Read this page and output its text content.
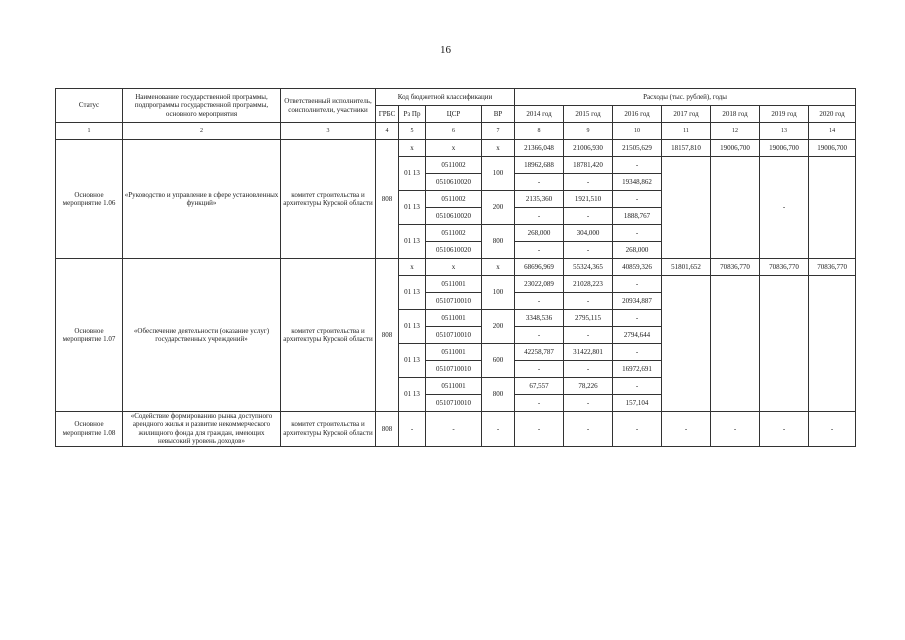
16
Статус	Наименование государственной программы, подпрограммы государственной программы, основного мероприятия	Ответственный исполнитель, соисполнители, участники	Код бюджетной классификации				Расходы (тыс. рублей), годы						
			ГРБС	Рз Пр	ЦСР	ВР	2014 год	2015 год	2016 год	2017 год	2018 год	2019 год	2020 год
1	2	3	4	5	6	7	8	9	10	11	12	13	14
Основное мероприятие 1.06	«Руководство и управление в сфере установленных функций»	комитет строительства и архитектуры Курской области	808	х	х	х	21366,048	21006,930	21505,629	18157,810	19006,700	19006,700	19006,700
				01 13	0511002	100	18962,688	18781,420	-			-	
					0510610020		-	-	19348,862				
				01 13	0511002	200	2135,360	1921,510	-				
					0510610020		-	-	1888,767				
				01 13	0511002	800	268,000	304,000	-				
					0510610020		-	-	268,000				
Основное мероприятие 1.07	«Обеспечение деятельности (оказание услуг) государственных учреждений»	комитет строительства и архитектуры Курской области	808	х	х	х	68696,969	55324,365	40859,326	51801,652	70836,770	70836,770	70836,770
				01 13	0511001	100	23022,089	21028,223	-				
					0510710010		-	-	20934,887				
				01 13	0511001	200	3348,536	2795,115	-				
					0510710010		-	-	2794,644				
				01 13	0511001	600	42258,787	31422,801	-				
					0510710010		-	-	16972,691				
				01 13	0511001	800	67,557	78,226	-				
					0510710010		-	-	157,104				
Основное мероприятие 1.08	«Содействие формированию рынка доступного арендного жилья и развитие некоммерческого жилищного фонда для граждан, имеющих невысокий уровень доходов»	комитет строительства и архитектуры Курской области	808	-	-	-	-	-	-	-	-	-	-
